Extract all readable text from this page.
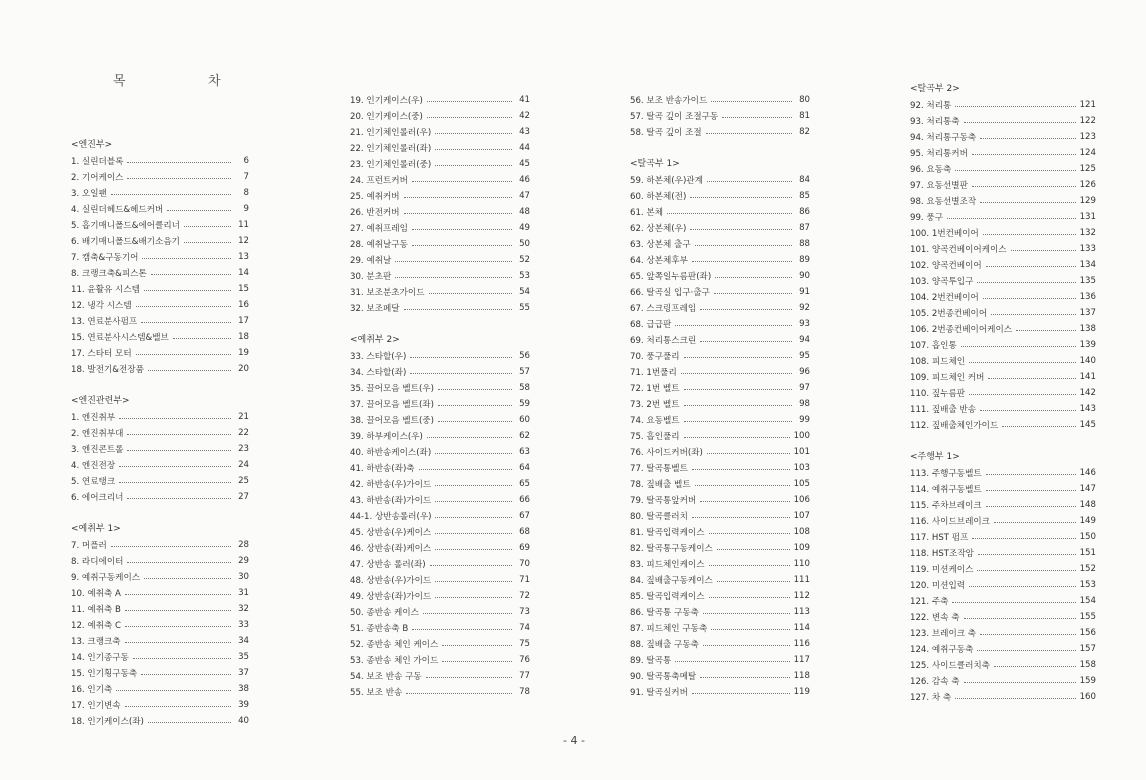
목	차
<엔진부>
1. 실린더블록	6
2. 기어케이스	7
3. 오일팬	8
4. 실린더헤드&헤드커버	9
5. 흡기매니폴드&에어클리너	11
6. 배기매니폴드&배기소음기	12
7. 캠축&구동기어	13
8. 크랭크축&피스톤	14
11. 윤활유 시스템	15
12. 냉각 시스템	16
13. 연료분사펌프	17
15. 연료분사시스템&밸브	18
17. 스타터 모터	19
18. 발전기&전장품	20
<엔진관련부>
1. 엔진취부	21
2. 엔진취부대	22
3. 엔진콘트롤	23
4. 엔진전장	24
5. 연료탱크	25
6. 에어크리너	27
<예취부 1>
7. 머플러	28
8. 라디에이터	29
9. 예취구동케이스	30
10. 예취축 A	31
11. 예취축 B	32
12. 예취축 C	33
13. 크랭크축	34
14. 인기종구동	35
15. 인기횡구동축	37
16. 인기축	38
17. 인기변속	39
18. 인기케이스(좌)	40
19. 인기케이스(우)	41
20. 인기케이스(중)	42
21. 인기체인롤러(우)	43
22. 인기체인롤러(좌)	44
23. 인기체인롤러(중)	45
24. 프런트커버	46
25. 예취커버	47
26. 반전커버	48
27. 예취프레임	49
28. 예취날구동	50
29. 예취날	52
30. 분초판	53
31. 보조분초가이드	54
32. 보조페달	55
<예취부 2>
33. 스타할(우)	56
34. 스타할(좌)	57
35. 끌어모음 벨트(우)	58
37. 끌어모음 벨트(좌)	59
38. 끌어모음 벨트(중)	60
39. 하부케이스(우)	62
40. 하반송케이스(좌)	63
41. 하반송(좌)축	64
42. 하반송(우)가이드	65
43. 하반송(좌)가이드	66
44-1. 상반송롤러(우)	67
45. 상반송(우)케이스	68
46. 상반송(좌)케이스	69
47. 상반송 롤러(좌)	70
48. 상반송(우)가이드	71
49. 상반송(좌)가이드	72
50. 종반송 케이스	73
51. 종반송축 B	74
52. 종반송 체인 케이스	75
53. 종반송 체인 가이드	76
54. 보조 반송 구동	77
55. 보조 반송	78
56. 보조 반송가이드	80
57. 탈곡 깊이 조절구동	81
58. 탈곡 깊이 조절	82
<탈곡부 1>
59. 하본체(우)관계	84
60. 하본체(전)	85
61. 본체	86
62. 상본체(우)	87
63. 상본체 출구	88
64. 상본체후부	89
65. 앞쪽일누름판(좌)	90
66. 탈곡실 입구·출구	91
67. 스크링프레임	92
68. 급급판	93
69. 처리통스크린	94
70. 풍구풀리	95
71. 1번풀리	96
72. 1번 벨트	97
73. 2번 벨트	98
74. 요동벨트	99
75. 흡인풀리	100
76. 사이드커버(좌)	101
77. 탈곡통벨트	103
78. 짚배출 벨트	105
79. 탈곡통앞커버	106
80. 탈곡클러치	107
81. 탈곡입력케이스	108
82. 탈곡통구동케이스	109
83. 피드체인케이스	110
84. 짚배출구동케이스	111
85. 탈곡입력케이스	112
86. 탈곡통 구동축	113
87. 피드체인 구동축	114
88. 짚배출 구동축	116
89. 탈곡통	117
90. 탈곡통축메탈	118
91. 탈곡실커버	119
<탈곡부 2>
92. 처리통	121
93. 처리통축	122
94. 처리통구동축	123
95. 처리통커버	124
96. 요동축	125
97. 요동선별판	126
98. 요동선별조작	129
99. 풍구	131
100. 1번컨베이어	132
101. 양곡컨베이어케이스	133
102. 양곡컨베이어	134
103. 양곡투입구	135
104. 2번컨베이어	136
105. 2번종컨베이어	137
106. 2번종컨베이어케이스	138
107. 흡인통	139
108. 피드체인	140
109. 피드체인 커버	141
110. 짚누름판	142
111. 짚배출 반송	143
112. 짚배출체인가이드	145
<주행부 1>
113. 주행구동벨트	146
114. 예취구동벨트	147
115. 주차브레이크	148
116. 사이드브레이크	149
117. HST 펌프	150
118. HST조작암	151
119. 미션케이스	152
120. 미션입력	153
121. 주축	154
122. 변속 축	155
123. 브레이크 축	156
124. 예취구동축	157
125. 사이드클러치축	158
126. 감속 축	159
127. 차 축	160
- 4 -
